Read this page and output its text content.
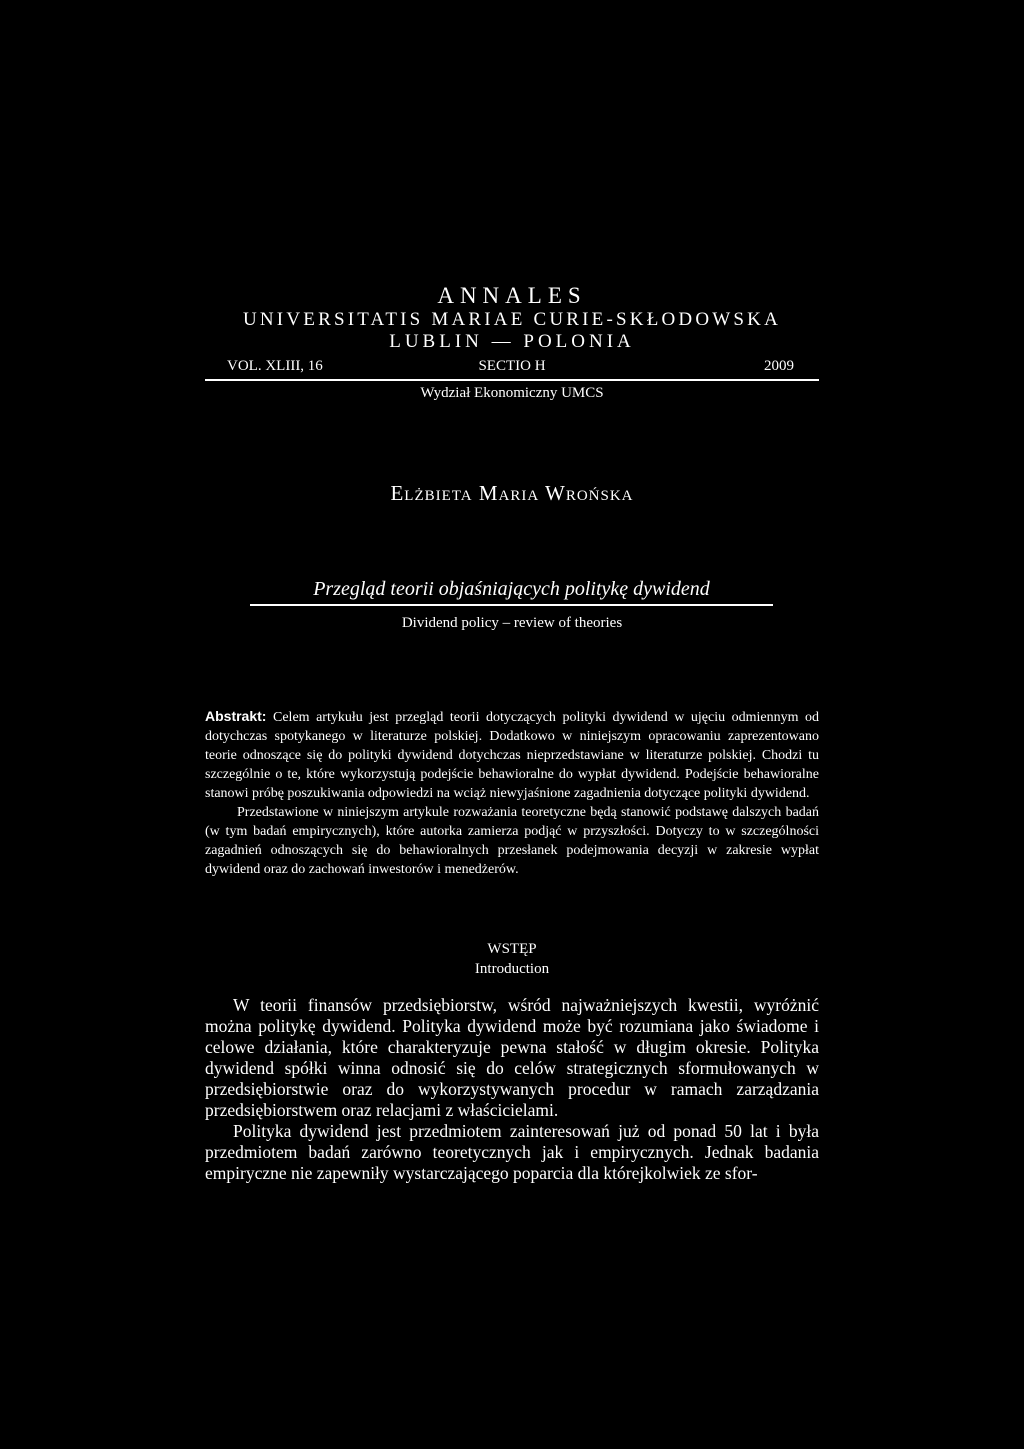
ANNALES
UNIVERSITATIS MARIAE CURIE-SKŁODOWSKA
LUBLIN — POLONIA
SECTIO H
VOL. XLIII, 16	2009
Wydział Ekonomiczny UMCS
Elżbieta Maria Wrońska
Przegląd teorii objaśniających politykę dywidend
Dividend policy – review of theories

Abstrakt: Celem artykułu jest przegląd teorii dotyczących polityki dywidend w ujęciu odmiennym od dotychczas spotykanego w literaturze polskiej. Dodatkowo w niniejszym opracowaniu zaprezentowano teorie odnoszące się do polityki dywidend dotychczas nieprzedstawiane w literaturze polskiej. Chodzi tu szczególnie o te, które wykorzystują podejście behawioralne do wypłat dywidend. Podejście behawioralne stanowi próbę poszukiwania odpowiedzi na wciąż niewyjaśnione zagadnienia dotyczące polityki dywidend.

Przedstawione w niniejszym artykule rozważania teoretyczne będą stanowić podstawę dalszych badań (w tym badań empirycznych), które autorka zamierza podjąć w przyszłości. Dotyczy to w szczególności zagadnień odnoszących się do behawioralnych przesłanek podejmowania decyzji w zakresie wypłat dywidend oraz do zachowań inwestorów i menedżerów.

WSTĘP
Introduction

W teorii finansów przedsiębiorstw, wśród najważniejszych kwestii, wyróżnić można politykę dywidend. Polityka dywidend może być rozumiana jako świadome i celowe działania, które charakteryzuje pewna stałość w długim okresie. Polityka dywidend spółki winna odnosić się do celów strategicznych sformułowanych w przedsiębiorstwie oraz do wykorzystywanych procedur w ramach zarządzania przedsiębiorstwem oraz relacjami z właścicielami.

Polityka dywidend jest przedmiotem zainteresowań już od ponad 50 lat i była przedmiotem badań zarówno teoretycznych jak i empirycznych. Jednak badania empiryczne nie zapewniły wystarczającego poparcia dla którejkolwiek ze sfor-
